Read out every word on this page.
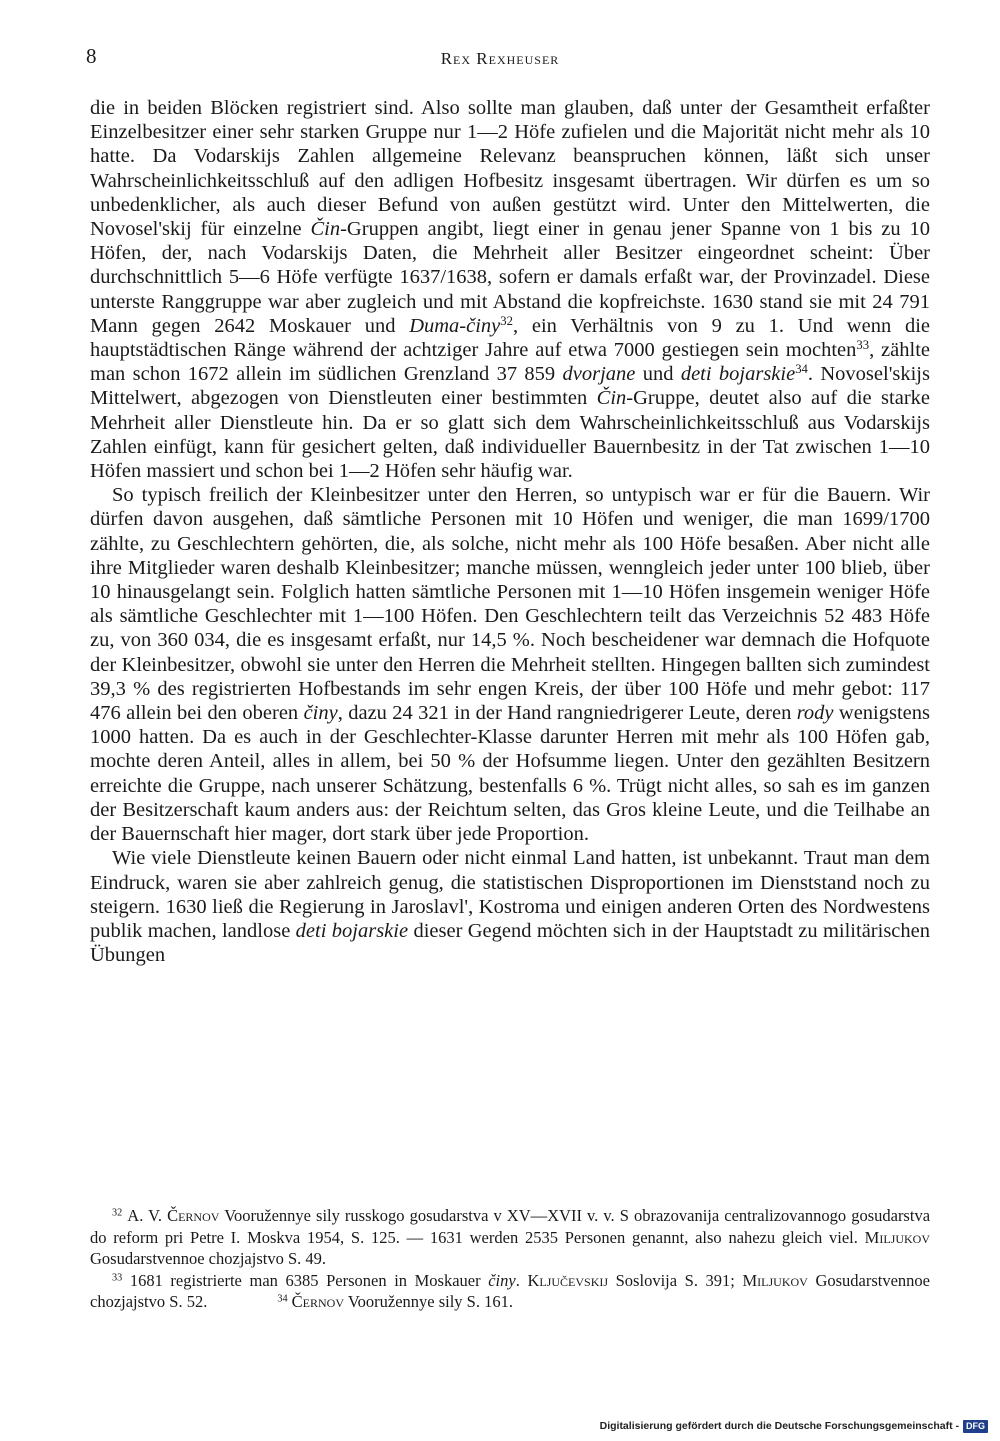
8	Rex Rexheuser

die in beiden Blöcken registriert sind. Also sollte man glauben, daß unter der Gesamtheit erfaßter Einzelbesitzer einer sehr starken Gruppe nur 1—2 Höfe zufielen und die Majorität nicht mehr als 10 hatte. Da Vodarskijs Zahlen allgemeine Relevanz beanspruchen können, läßt sich unser Wahrscheinlichkeitsschluß auf den adligen Hofbesitz insgesamt übertragen. Wir dürfen es um so unbedenklicher, als auch dieser Befund von außen gestützt wird. Unter den Mittelwerten, die Novosel'skij für einzelne Čin-Gruppen angibt, liegt einer in genau jener Spanne von 1 bis zu 10 Höfen, der, nach Vodarskijs Daten, die Mehrheit aller Besitzer eingeordnet scheint: Über durchschnittlich 5—6 Höfe verfügte 1637/1638, sofern er damals erfaßt war, der Provinzadel. Diese unterste Ranggruppe war aber zugleich und mit Abstand die kopfreichste. 1630 stand sie mit 24 791 Mann gegen 2642 Moskauer und Duma-činy$^{32}$, ein Verhältnis von 9 zu 1. Und wenn die hauptstädtischen Ränge während der achtziger Jahre auf etwa 7000 gestiegen sein mochten$^{33}$, zählte man schon 1672 allein im südlichen Grenzland 37 859 dvorjane und deti bojarskie$^{34}$. Novosel'skijs Mittelwert, abgezogen von Dienstleuten einer bestimmten Čin-Gruppe, deutet also auf die starke Mehrheit aller Dienstleute hin. Da er so glatt sich dem Wahrscheinlichkeitsschluß aus Vodarskijs Zahlen einfügt, kann für gesichert gelten, daß individueller Bauernbesitz in der Tat zwischen 1—10 Höfen massiert und schon bei 1—2 Höfen sehr häufig war.

So typisch freilich der Kleinbesitzer unter den Herren, so untypisch war er für die Bauern. Wir dürfen davon ausgehen, daß sämtliche Personen mit 10 Höfen und weniger, die man 1699/1700 zählte, zu Geschlechtern gehörten, die, als solche, nicht mehr als 100 Höfe besaßen. Aber nicht alle ihre Mitglieder waren deshalb Kleinbesitzer; manche müssen, wenngleich jeder unter 100 blieb, über 10 hinausgelangt sein. Folglich hatten sämtliche Personen mit 1—10 Höfen insgemein weniger Höfe als sämtliche Geschlechter mit 1—100 Höfen. Den Geschlechtern teilt das Verzeichnis 52 483 Höfe zu, von 360 034, die es insgesamt erfaßt, nur 14,5 %. Noch bescheidener war demnach die Hofquote der Kleinbesitzer, obwohl sie unter den Herren die Mehrheit stellten. Hingegen ballten sich zumindest 39,3 % des registrierten Hofbestands im sehr engen Kreis, der über 100 Höfe und mehr gebot: 117 476 allein bei den oberen činy, dazu 24 321 in der Hand rangniedrigerer Leute, deren rody wenigstens 1000 hatten. Da es auch in der Geschlechter-Klasse darunter Herren mit mehr als 100 Höfen gab, mochte deren Anteil, alles in allem, bei 50 % der Hofsumme liegen. Unter den gezählten Besitzern erreichte die Gruppe, nach unserer Schätzung, bestenfalls 6 %. Trügt nicht alles, so sah es im ganzen der Besitzerschaft kaum anders aus: der Reichtum selten, das Gros kleine Leute, und die Teilhabe an der Bauernschaft hier mager, dort stark über jede Proportion.

Wie viele Dienstleute keinen Bauern oder nicht einmal Land hatten, ist unbekannt. Traut man dem Eindruck, waren sie aber zahlreich genug, die statistischen Disproportionen im Dienststand noch zu steigern. 1630 ließ die Regierung in Jaroslavl', Kostroma und einigen anderen Orten des Nordwestens publik machen, landlose deti bojarskie dieser Gegend möchten sich in der Hauptstadt zu militärischen Übungen

$^{32}$ A. V. Černov Vooružennye sily russkogo gosudarstva v XV—XVII v. v. S obrazovanija centralizovannogo gosudarstva do reform pri Petre I. Moskva 1954, S. 125. — 1631 werden 2535 Personen genannt, also nahezu gleich viel. Miljukov Gosudarstvennoe chozjajstvo S. 49.

$^{33}$ 1681 registrierte man 6385 Personen in Moskauer činy. Ključevskij Soslovija S. 391; Miljukov Gosudarstvennoe chozjajstvo S. 52.	$^{34}$ Černov Vooružennye sily S. 161.

Digitalisierung gefördert durch die Deutsche Forschungsgemeinschaft - DFG
